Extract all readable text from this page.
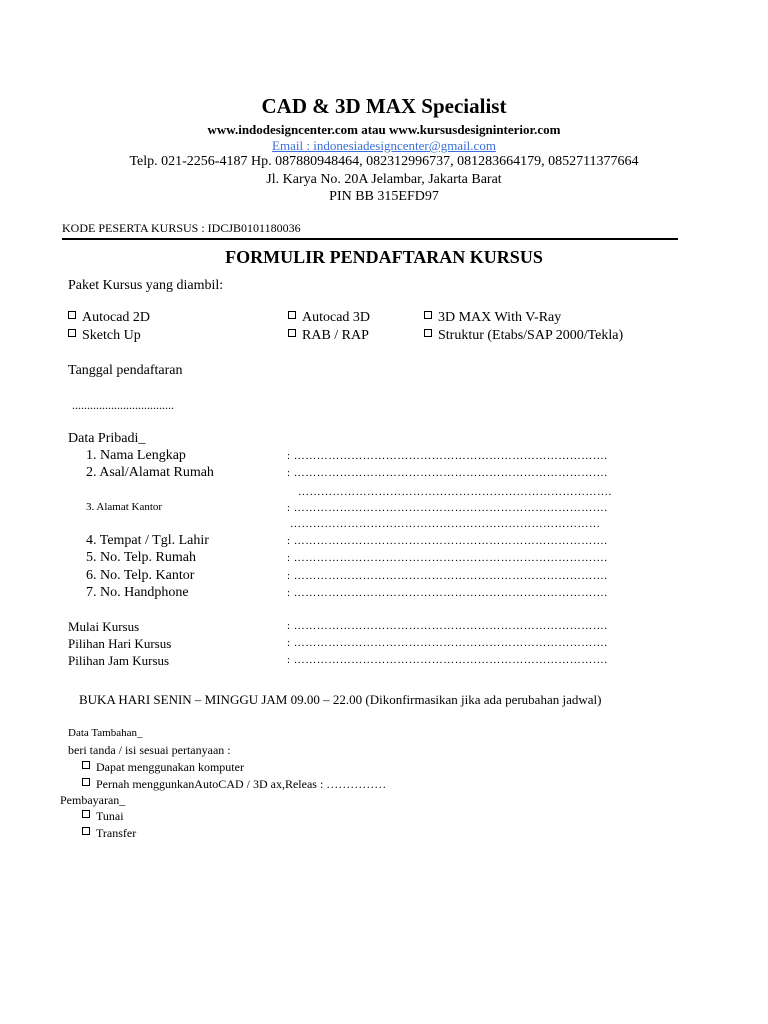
CAD & 3D MAX Specialist
www.indodesigncenter.com atau www.kursusdesigninterior.com
Email : indonesiadesigncenter@gmail.com
Telp. 021-2256-4187 Hp. 087880948464, 082312996737, 081283664179, 0852711377664
Jl. Karya No. 20A Jelambar, Jakarta Barat
PIN BB 315EFD97
KODE PESERTA KURSUS : IDCJB0101180036
FORMULIR PENDAFTARAN KURSUS
Paket Kursus yang diambil:
Autocad 2D	Autocad 3D	3D MAX With V-Ray
Sketch Up	RAB / RAP	Struktur (Etabs/SAP 2000/Tekla)
Tanggal pendaftaran
..................................
Data Pribadi_
1. Nama Lengkap	: ……………………………………………………………………….
2. Asal/Alamat Rumah	: ……………………………………………………………………….
……………………………………………………………………….
3. Alamat Kantor	: ……………………………………………………………………….
………………………………………………………………………
4. Tempat / Tgl. Lahir	: ……………………………………………………………………….
5. No. Telp. Rumah	: ……………………………………………………………………….
6. No. Telp. Kantor	: ……………………………………………………………………….
7. No. Handphone	: ……………………………………………………………………….
Mulai Kursus	: ……………………………………………………………………….
Pilihan Hari Kursus	: ……………………………………………………………………….
Pilihan Jam Kursus	: ……………………………………………………………………….
BUKA HARI SENIN – MINGGU JAM 09.00 – 22.00 (Dikonfirmasikan jika ada perubahan jadwal)
Data Tambahan_
beri tanda / isi sesuai pertanyaan :
Dapat menggunakan komputer
Pernah menggunkanAutoCAD / 3D ax,Releas : ……………
Pembayaran_
Tunai
Transfer
